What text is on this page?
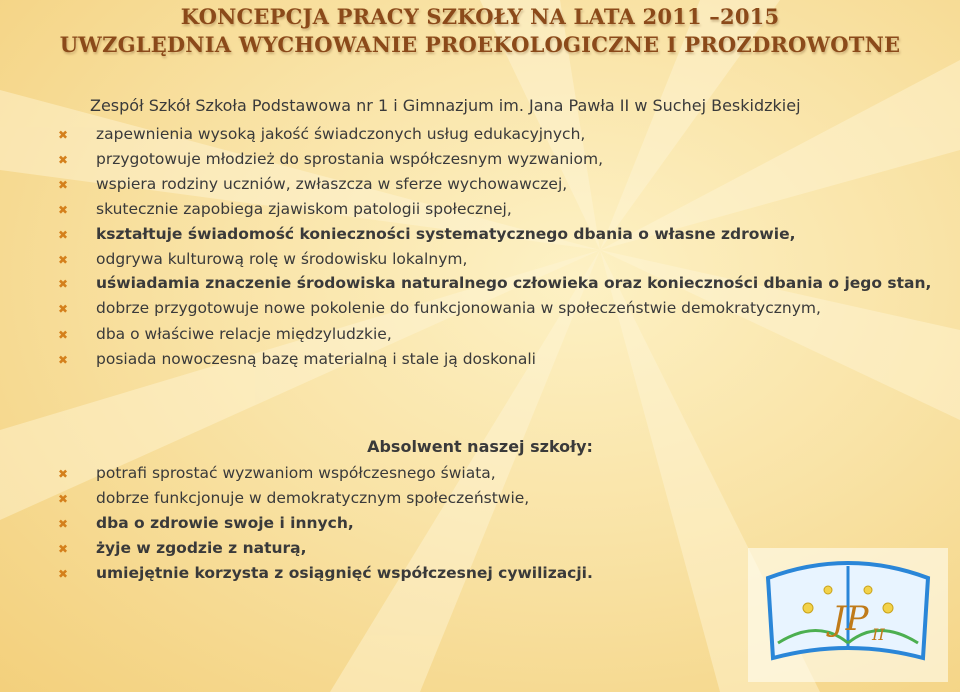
KONCEPCJA PRACY SZKOŁY NA LATA 2011 –2015
UWZGLĘDNIA WYCHOWANIE PROEKOLOGICZNE I PROZDROWOTNE
Zespół Szkół Szkoła Podstawowa nr 1 i Gimnazjum im. Jana Pawła II w Suchej Beskidzkiej
✖ zapewnienia wysoką jakość świadczonych usług edukacyjnych,
✖ przygotowuje młodzież do sprostania współczesnym wyzwaniom,
✖ wspiera rodziny uczniów, zwłaszcza w sferze wychowawczej,
✖ skutecznie zapobiega zjawiskom patologii społecznej,
✖ kształtuje świadomość konieczności systematycznego dbania o własne zdrowie,
✖ odgrywa kulturową rolę w środowisku lokalnym,
✖ uświadamia znaczenie środowiska naturalnego człowieka oraz konieczności dbania o jego stan,
✖ dobrze przygotowuje nowe pokolenie do funkcjonowania w społeczeństwie demokratycznym,
✖ dba o właściwe relacje międzyludzkie,
✖ posiada nowoczesną bazę materialną i stale ją doskonali
Absolwent naszej szkoły:
✖ potrafi sprostać wyzwaniom współczesnego świata,
✖ dobrze funkcjonuje w demokratycznym społeczeństwie,
✖ dba o zdrowie swoje i innych,
✖ żyje w zgodzie z naturą,
✖ umiejętnie korzysta z osiągnięć współczesnej cywilizacji.
JP II
